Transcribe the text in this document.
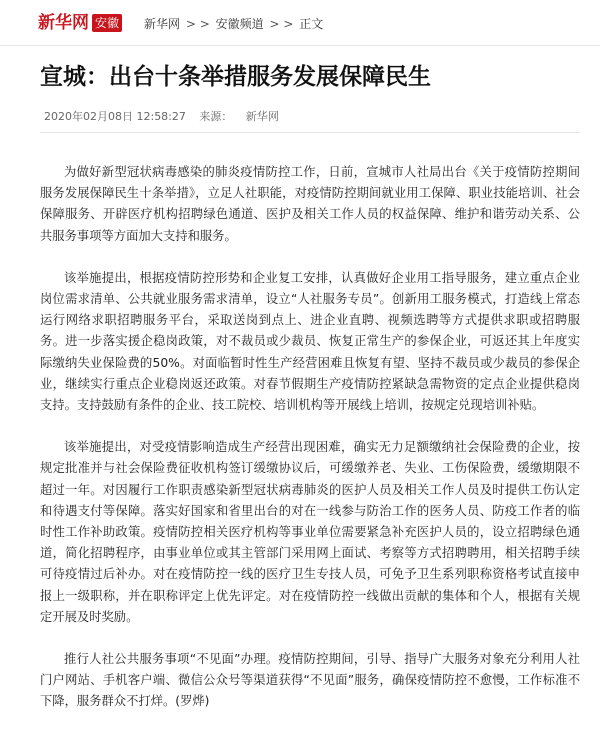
新华网 安徽 新华网 > > 安徽频道 > > 正文
宣城：出台十条举措服务发展保障民生
2020年02月08日 12:58:27 来源： 新华网

为做好新型冠状病毒感染的肺炎疫情防控工作，日前，宣城市人社局出台《关于疫情防控期间服务发展保障民生十条举措》，立足人社职能，对疫情防控期间就业用工保障、职业技能培训、社会保障服务、开辟医疗机构招聘绿色通道、医护及相关工作人员的权益保障、维护和谐劳动关系、公共服务事项等方面加大支持和服务。

该举施提出，根据疫情防控形势和企业复工安排，认真做好企业用工指导服务，建立重点企业岗位需求清单、公共就业服务需求清单，设立“人社服务专员”。创新用工服务模式，打造线上常态运行网络求职招聘服务平台，采取送岗到点上、进企业直聘、视频选聘等方式提供求职或招聘服务。进一步落实援企稳岗政策，对不裁员或少裁员、恢复正常生产的参保企业，可返还其上年度实际缴纳失业保险费的50%。对面临暂时性生产经营困难且恢复有望、坚持不裁员或少裁员的参保企业，继续实行重点企业稳岗返还政策。对春节假期生产疫情防控紧缺急需物资的定点企业提供稳岗支持。支持鼓励有条件的企业、技工院校、培训机构等开展线上培训，按规定兑现培训补贴。

该举施提出，对受疫情影响造成生产经营出现困难，确实无力足额缴纳社会保险费的企业，按规定批准并与社会保险费征收机构签订缓缴协议后，可缓缴养老、失业、工伤保险费，缓缴期限不超过一年。对因履行工作职责感染新型冠状病毒肺炎的医护人员及相关工作人员及时提供工伤认定和待遇支付等保障。落实好国家和省里出台的对在一线参与防治工作的医务人员、防疫工作者的临时性工作补助政策。疫情防控相关医疗机构等事业单位需要紧急补充医护人员的，设立招聘绿色通道，简化招聘程序，由事业单位或其主管部门采用网上面试、考察等方式招聘聘用，相关招聘手续可待疫情过后补办。对在疫情防控一线的医疗卫生专技人员，可免予卫生系列职称资格考试直接申报上一级职称，并在职称评定上优先评定。对在疫情防控一线做出贡献的集体和个人，根据有关规定开展及时奖励。

推行人社公共服务事项“不见面”办理。疫情防控期间，引导、指导广大服务对象充分利用人社门户网站、手机客户端、微信公众号等渠道获得“不见面”服务，确保疫情防控不愈慢，工作标准不下降，服务群众不打烊。(罗烨)
